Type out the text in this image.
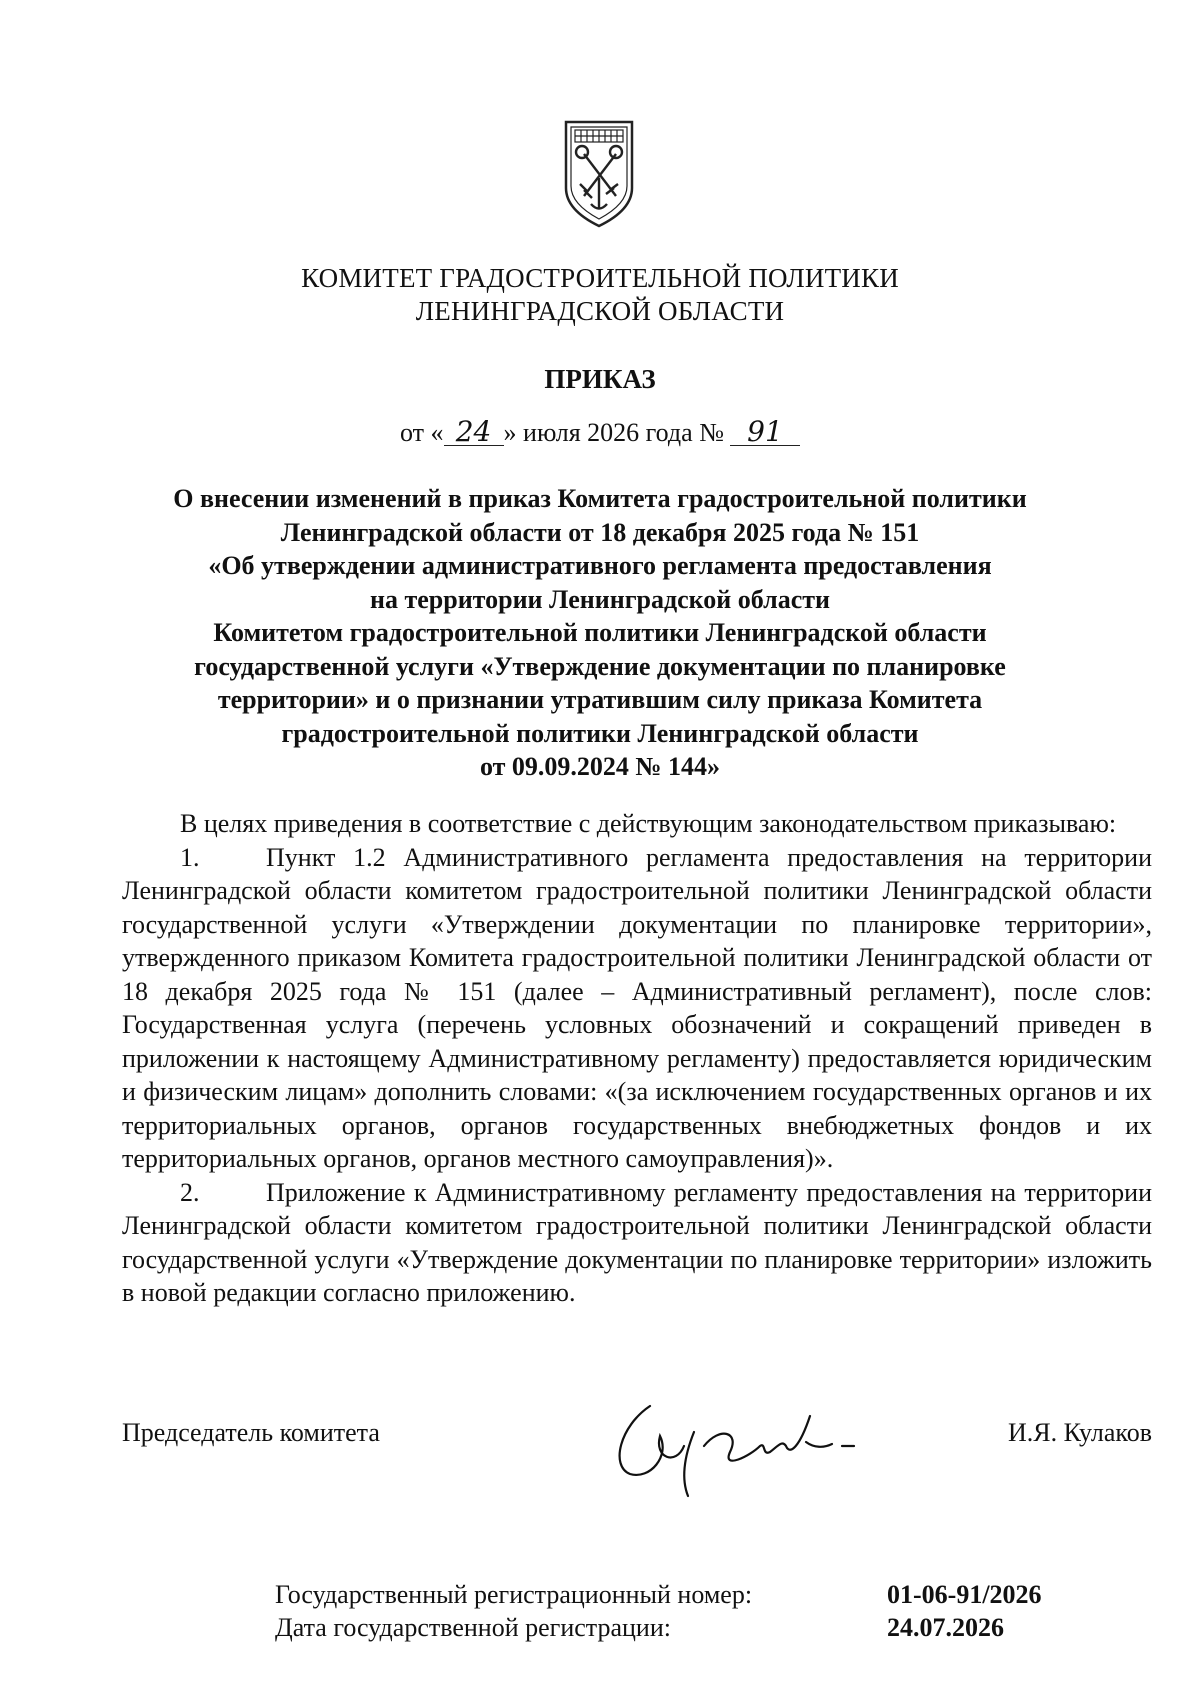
КОМИТЕТ ГРАДОСТРОИТЕЛЬНОЙ ПОЛИТИКИ
ЛЕНИНГРАДСКОЙ ОБЛАСТИ
ПРИКАЗ
от « 24 » июля 2026 года № 91
О внесении изменений в приказ Комитета градостроительной политики
Ленинградской области от 18 декабря 2025 года № 151
«Об утверждении административного регламента предоставления
на территории Ленинградской области
Комитетом градостроительной политики Ленинградской области
государственной услуги «Утверждение документации по планировке
территории» и о признании утратившим силу приказа Комитета
градостроительной политики Ленинградской области
от 09.09.2024 № 144»

В целях приведения в соответствие с действующим законодательством приказываю:

1.	Пункт 1.2 Административного регламента предоставления на территории Ленинградской области комитетом градостроительной политики Ленинградской области государственной услуги «Утверждении документации по планировке территории», утвержденного приказом Комитета градостроительной политики Ленинградской области от 18 декабря 2025 года № 151 (далее – Административный регламент), после слов: Государственная услуга (перечень условных обозначений и сокращений приведен в приложении к настоящему Административному регламенту) предоставляется юридическим и физическим лицам» дополнить словами: «(за исключением государственных органов и их территориальных органов, органов государственных внебюджетных фондов и их территориальных органов, органов местного самоуправления)».

2.	Приложение к Административному регламенту предоставления на территории Ленинградской области комитетом градостроительной политики Ленинградской области государственной услуги «Утверждение документации по планировке территории» изложить в новой редакции согласно приложению.

Председатель комитета	И.Я. Кулаков
Государственный регистрационный номер:	01-06-91/2026
Дата государственной регистрации:	24.07.2026
